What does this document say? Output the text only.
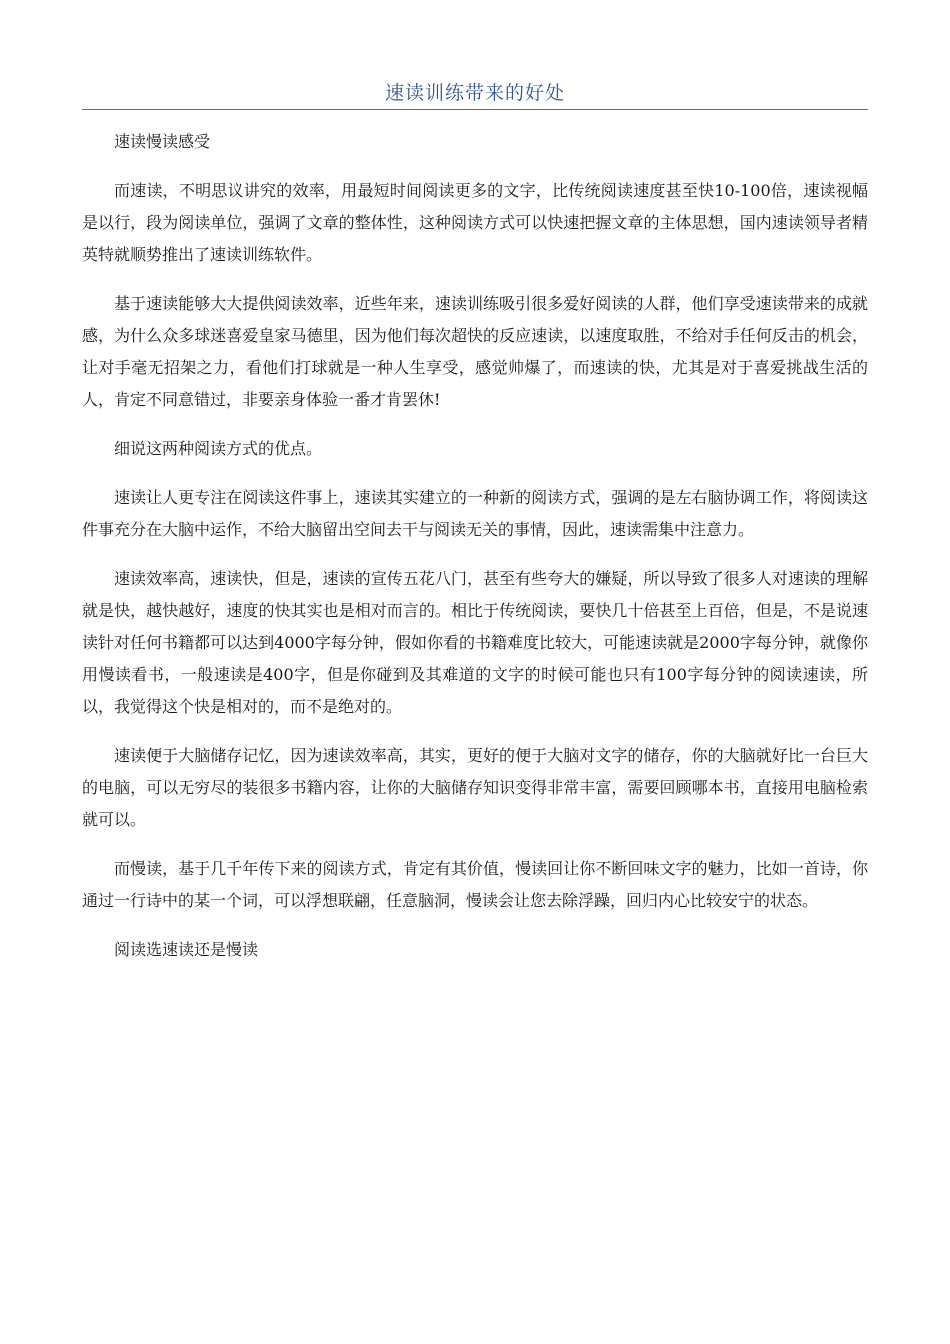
速读训练带来的好处

速读慢读感受

而速读，不明思议讲究的效率，用最短时间阅读更多的文字，比传统阅读速度甚至快10-100倍，速读视幅是以行，段为阅读单位，强调了文章的整体性，这种阅读方式可以快速把握文章的主体思想，国内速读领导者精英特就顺势推出了速读训练软件。

基于速读能够大大提供阅读效率，近些年来，速读训练吸引很多爱好阅读的人群，他们享受速读带来的成就感，为什么众多球迷喜爱皇家马德里，因为他们每次超快的反应速读，以速度取胜，不给对手任何反击的机会，让对手毫无招架之力，看他们打球就是一种人生享受，感觉帅爆了，而速读的快，尤其是对于喜爱挑战生活的人，肯定不同意错过，非要亲身体验一番才肯罢休!

细说这两种阅读方式的优点。

速读让人更专注在阅读这件事上，速读其实建立的一种新的阅读方式，强调的是左右脑协调工作，将阅读这件事充分在大脑中运作，不给大脑留出空间去干与阅读无关的事情，因此，速读需集中注意力。

速读效率高，速读快，但是，速读的宣传五花八门，甚至有些夸大的嫌疑，所以导致了很多人对速读的理解就是快，越快越好，速度的快其实也是相对而言的。相比于传统阅读，要快几十倍甚至上百倍，但是，不是说速读针对任何书籍都可以达到4000字每分钟，假如你看的书籍难度比较大，可能速读就是2000字每分钟，就像你用慢读看书，一般速读是400字，但是你碰到及其难道的文字的时候可能也只有100字每分钟的阅读速读，所以，我觉得这个快是相对的，而不是绝对的。

速读便于大脑储存记忆，因为速读效率高，其实，更好的便于大脑对文字的储存，你的大脑就好比一台巨大的电脑，可以无穷尽的装很多书籍内容，让你的大脑储存知识变得非常丰富，需要回顾哪本书，直接用电脑检索就可以。

而慢读，基于几千年传下来的阅读方式，肯定有其价值，慢读回让你不断回味文字的魅力，比如一首诗，你通过一行诗中的某一个词，可以浮想联翩，任意脑洞，慢读会让您去除浮躁，回归内心比较安宁的状态。

阅读选速读还是慢读
